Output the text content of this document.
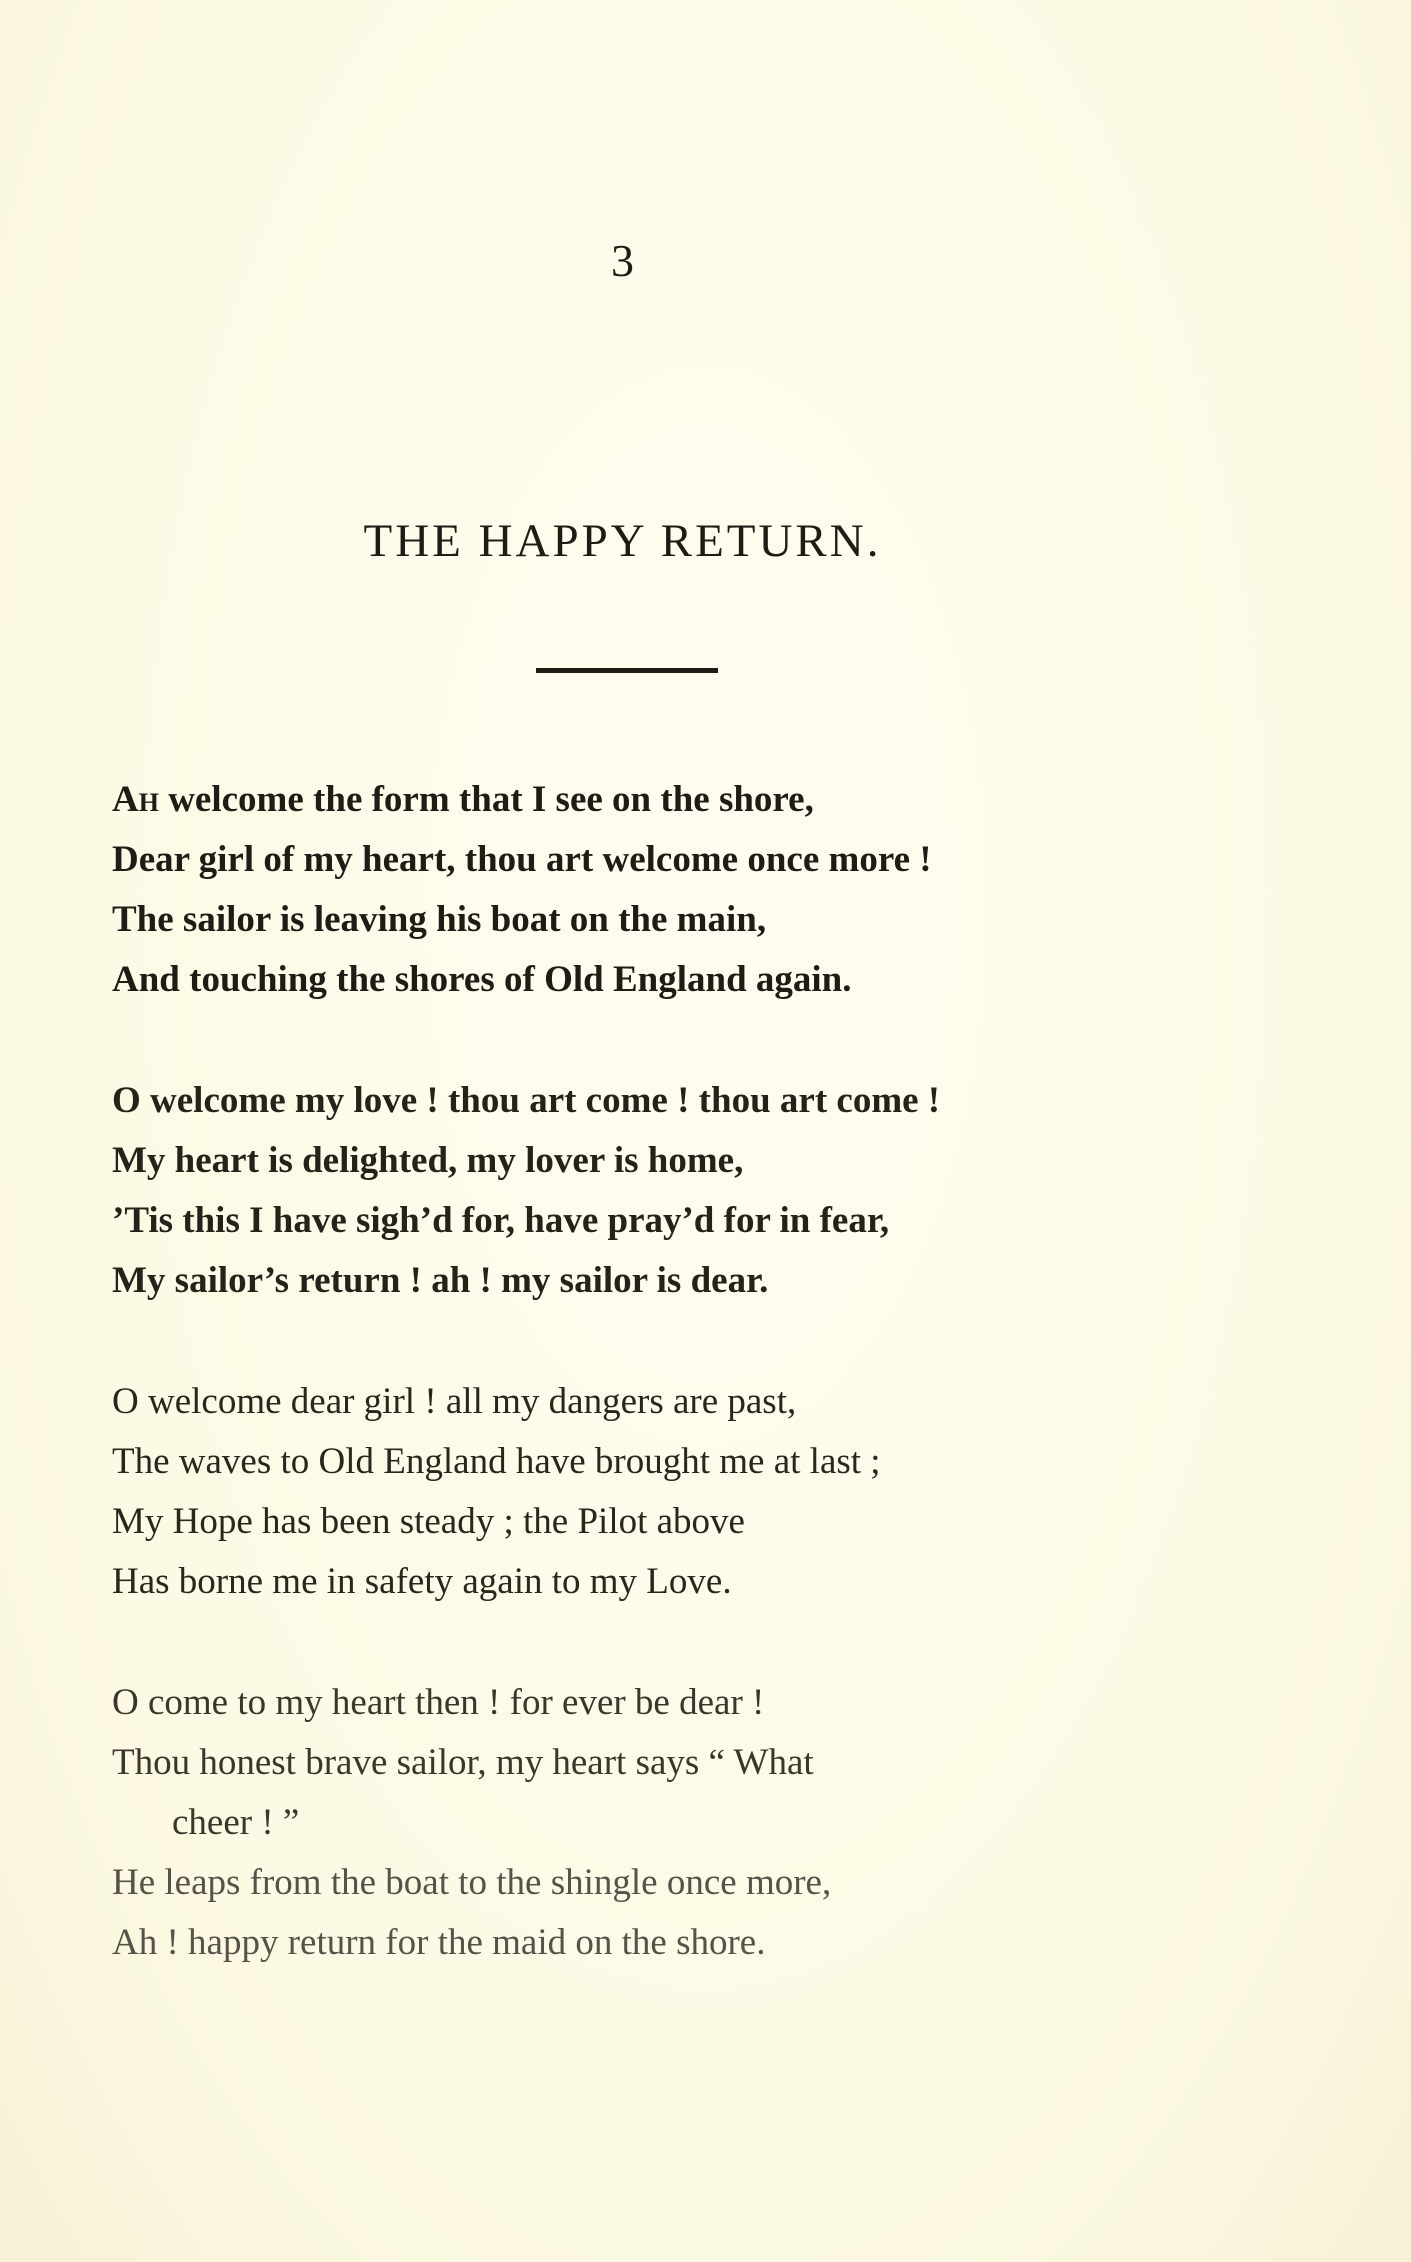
3
THE HAPPY RETURN.
Ah welcome the form that I see on the shore,
Dear girl of my heart, thou art welcome once more !
The sailor is leaving his boat on the main,
And touching the shores of Old England again.
O welcome my love ! thou art come ! thou art come !
My heart is delighted, my lover is home,
’Tis this I have sigh’d for, have pray’d for in fear,
My sailor’s return ! ah ! my sailor is dear.
O welcome dear girl ! all my dangers are past,
The waves to Old England have brought me at last ;
My Hope has been steady ; the Pilot above
Has borne me in safety again to my Love.
O come to my heart then ! for ever be dear !
Thou honest brave sailor, my heart says “ What
cheer ! ”
He leaps from the boat to the shingle once more,
Ah ! happy return for the maid on the shore.
